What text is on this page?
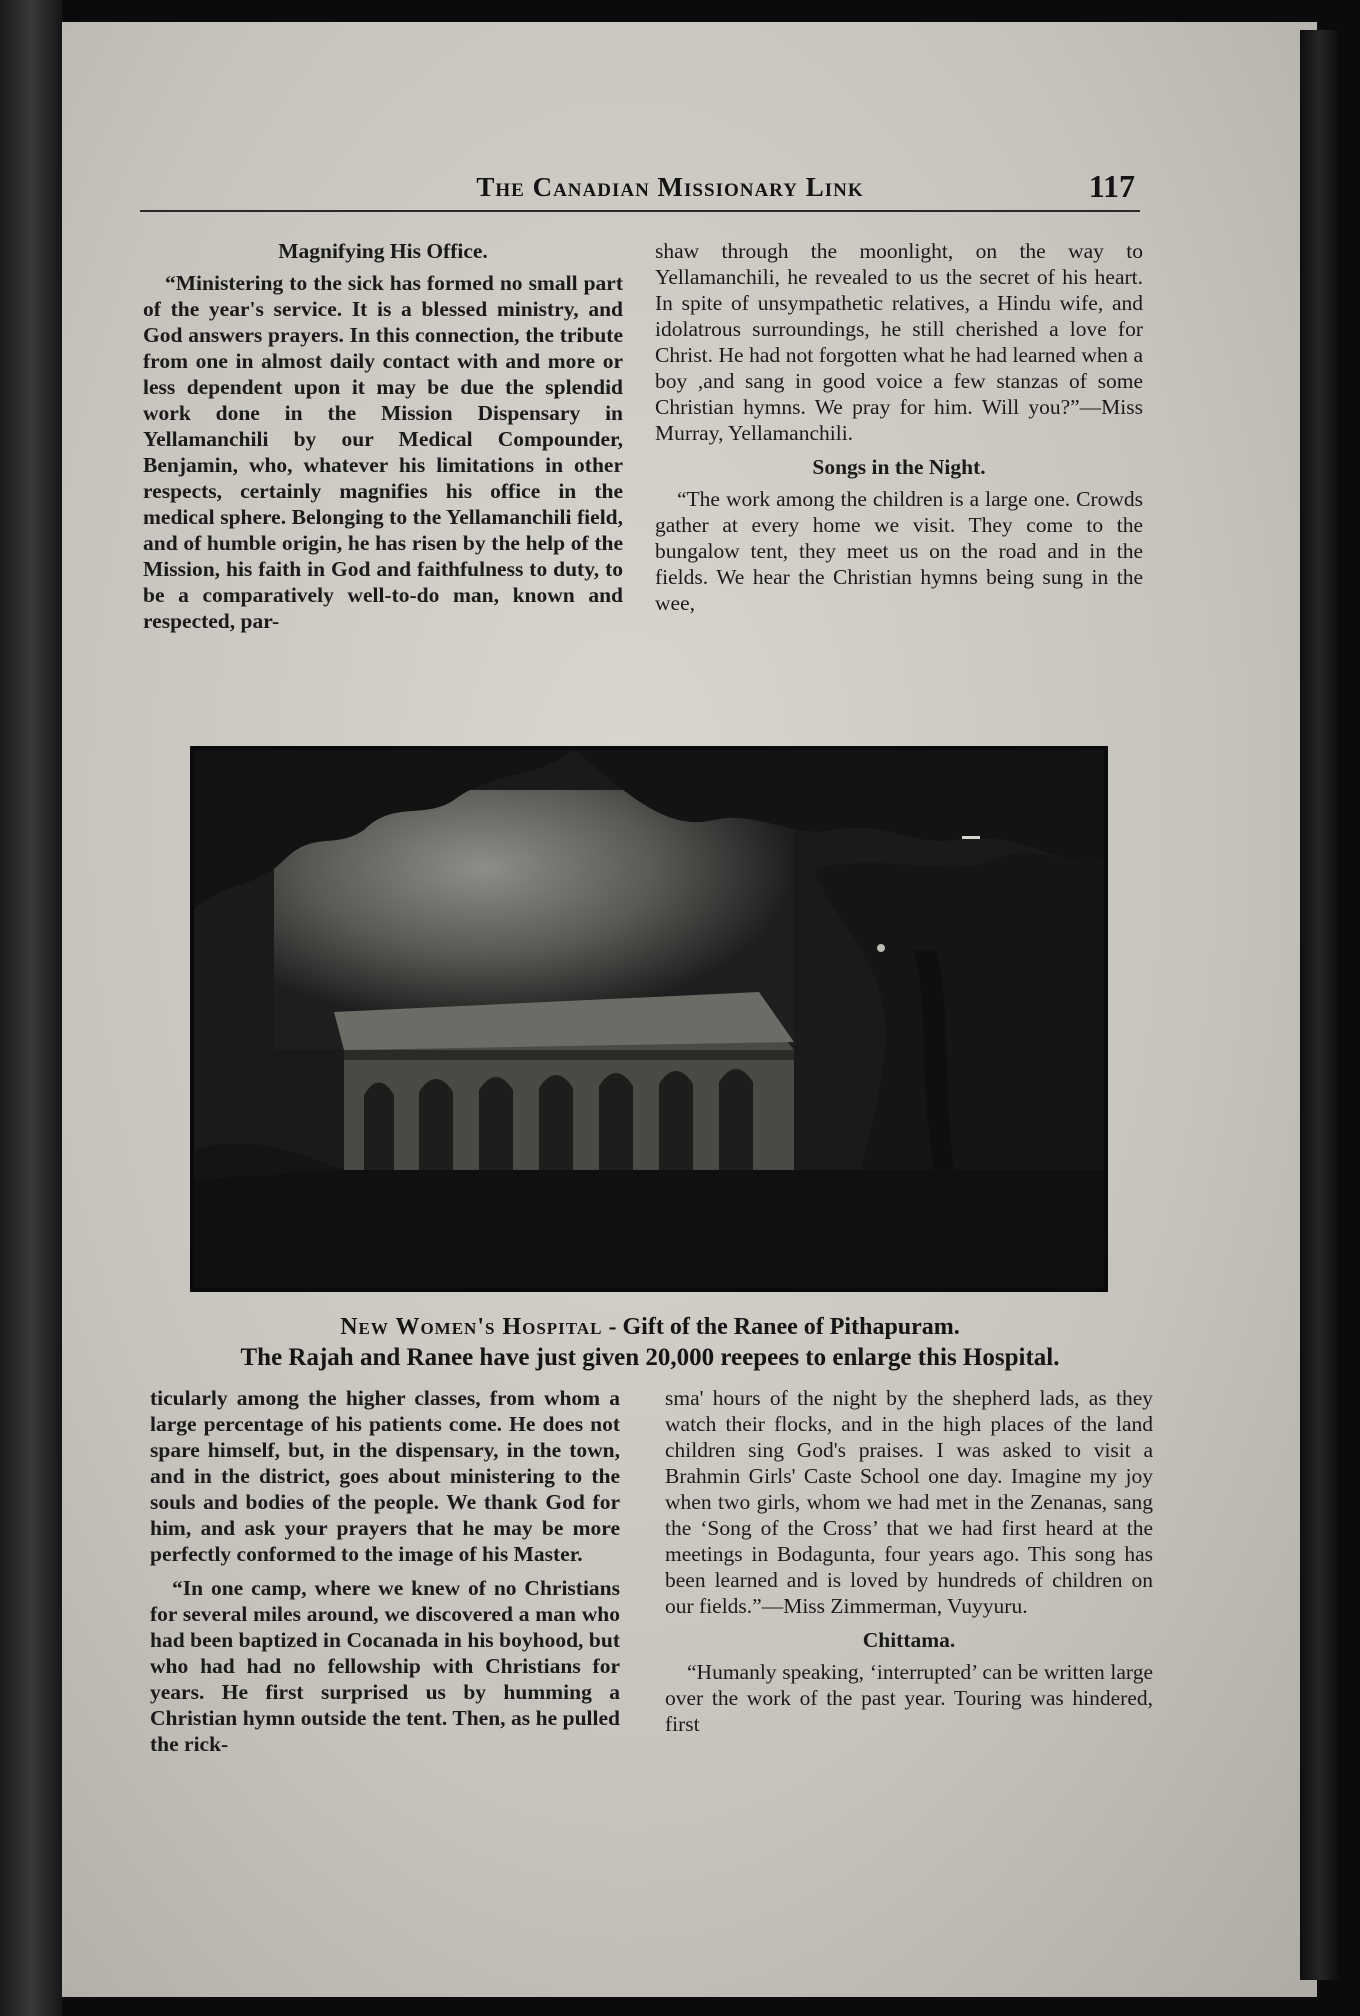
The Canadian Missionary Link	117
Magnifying His Office.

“Ministering to the sick has formed no small part of the year's service. It is a blessed ministry, and God answers prayers. In this connection, the tribute from one in almost daily contact with and more or less dependent upon it may be due the splendid work done in the Mission Dispensary in Yellamanchili by our Medical Compounder, Benjamin, who, whatever his limitations in other respects, certainly magnifies his office in the medical sphere. Belonging to the Yellamanchili field, and of humble origin, he has risen by the help of the Mission, his faith in God and faithfulness to duty, to be a comparatively well-to-do man, known and respected, par-

shaw through the moonlight, on the way to Yellamanchili, he revealed to us the secret of his heart. In spite of unsympathetic relatives, a Hindu wife, and idolatrous surroundings, he still cherished a love for Christ. He had not forgotten what he had learned when a boy ,and sang in good voice a few stanzas of some Christian hymns. We pray for him. Will you?”—Miss Murray, Yellamanchili.

Songs in the Night.

“The work among the children is a large one. Crowds gather at every home we visit. They come to the bungalow tent, they meet us on the road and in the fields. We hear the Christian hymns being sung in the wee,

New Women's Hospital - Gift of the Ranee of Pithapuram.
The Rajah and Ranee have just given 20,000 reepees to enlarge this Hospital.

ticularly among the higher classes, from whom a large percentage of his patients come. He does not spare himself, but, in the dispensary, in the town, and in the district, goes about ministering to the souls and bodies of the people. We thank God for him, and ask your prayers that he may be more perfectly conformed to the image of his Master.

“In one camp, where we knew of no Christians for several miles around, we discovered a man who had been baptized in Cocanada in his boyhood, but who had had no fellowship with Christians for years. He first surprised us by humming a Christian hymn outside the tent. Then, as he pulled the rick-

sma' hours of the night by the shepherd lads, as they watch their flocks, and in the high places of the land children sing God's praises. I was asked to visit a Brahmin Girls' Caste School one day. Imagine my joy when two girls, whom we had met in the Zenanas, sang the ‘Song of the Cross’ that we had first heard at the meetings in Bodagunta, four years ago. This song has been learned and is loved by hundreds of children on our fields.”—Miss Zimmerman, Vuyyuru.

Chittama.

“Humanly speaking, ‘interrupted’ can be written large over the work of the past year. Touring was hindered, first
